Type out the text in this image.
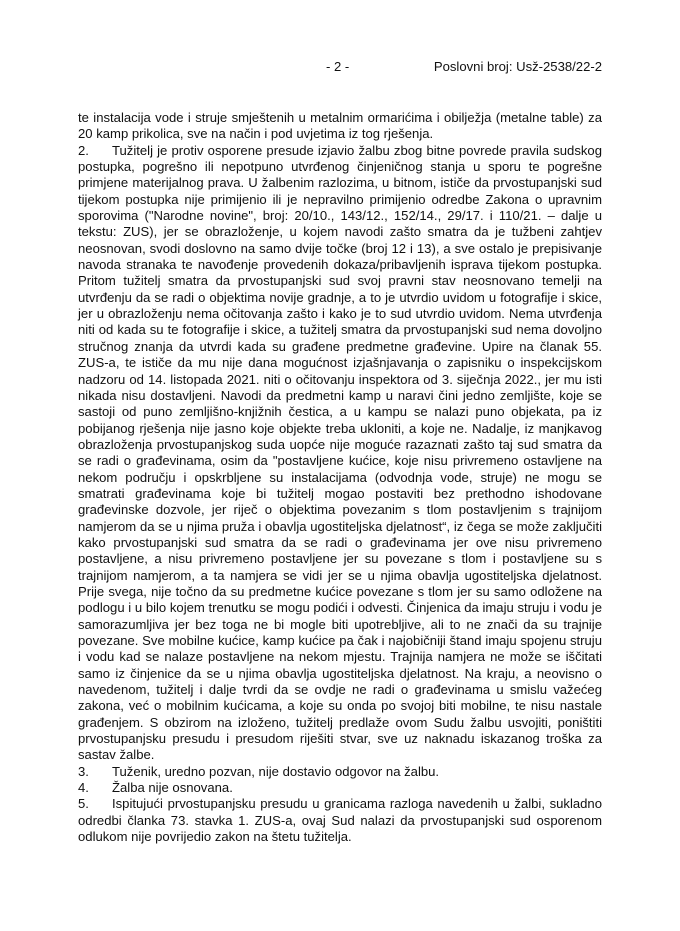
- 2 -	Poslovni broj: Usž-2538/22-2

te instalacija vode i struje smještenih u metalnim ormarićima i obilježja (metalne table) za 20 kamp prikolica, sve na način i pod uvjetima iz tog rješenja.

2. Tužitelj je protiv osporene presude izjavio žalbu zbog bitne povrede pravila sudskog postupka, pogrešno ili nepotpuno utvrđenog činjeničnog stanja u sporu te pogrešne primjene materijalnog prava. U žalbenim razlozima, u bitnom, ističe da prvostupanjski sud tijekom postupka nije primijenio ili je nepravilno primijenio odredbe Zakona o upravnim sporovima ("Narodne novine", broj: 20/10., 143/12., 152/14., 29/17. i 110/21. – dalje u tekstu: ZUS), jer se obrazloženje, u kojem navodi zašto smatra da je tužbeni zahtjev neosnovan, svodi doslovno na samo dvije točke (broj 12 i 13), a sve ostalo je prepisivanje navoda stranaka te navođenje provedenih dokaza/pribavljenih isprava tijekom postupka. Pritom tužitelj smatra da prvostupanjski sud svoj pravni stav neosnovano temelji na utvrđenju da se radi o objektima novije gradnje, a to je utvrdio uvidom u fotografije i skice, jer u obrazloženju nema očitovanja zašto i kako je to sud utvrdio uvidom. Nema utvrđenja niti od kada su te fotografije i skice, a tužitelj smatra da prvostupanjski sud nema dovoljno stručnog znanja da utvrdi kada su građene predmetne građevine. Upire na članak 55. ZUS-a, te ističe da mu nije dana mogućnost izjašnjavanja o zapisniku o inspekcijskom nadzoru od 14. listopada 2021. niti o očitovanju inspektora od 3. siječnja 2022., jer mu isti nikada nisu dostavljeni. Navodi da predmetni kamp u naravi čini jedno zemljište, koje se sastoji od puno zemljišno-knjižnih čestica, a u kampu se nalazi puno objekata, pa iz pobijanog rješenja nije jasno koje objekte treba ukloniti, a koje ne. Nadalje, iz manjkavog obrazloženja prvostupanjskog suda uopće nije moguće razaznati zašto taj sud smatra da se radi o građevinama, osim da "postavljene kućice, koje nisu privremeno ostavljene na nekom području i opskrbljene su instalacijama (odvodnja vode, struje) ne mogu se smatrati građevinama koje bi tužitelj mogao postaviti bez prethodno ishodovane građevinske dozvole, jer riječ o objektima povezanim s tlom postavljenim s trajnijom namjerom da se u njima pruža i obavlja ugostiteljska djelatnost“, iz čega se može zaključiti kako prvostupanjski sud smatra da se radi o građevinama jer ove nisu privremeno postavljene, a nisu privremeno postavljene jer su povezane s tlom i postavljene su s trajnijom namjerom, a ta namjera se vidi jer se u njima obavlja ugostiteljska djelatnost. Prije svega, nije točno da su predmetne kućice povezane s tlom jer su samo odložene na podlogu i u bilo kojem trenutku se mogu podići i odvesti. Činjenica da imaju struju i vodu je samorazumljiva jer bez toga ne bi mogle biti upotrebljive, ali to ne znači da su trajnije povezane. Sve mobilne kućice, kamp kućice pa čak i najobičniji štand imaju spojenu struju i vodu kad se nalaze postavljene na nekom mjestu. Trajnija namjera ne može se iščitati samo iz činjenice da se u njima obavlja ugostiteljska djelatnost. Na kraju, a neovisno o navedenom, tužitelj i dalje tvrdi da se ovdje ne radi o građevinama u smislu važećeg zakona, već o mobilnim kućicama, a koje su onda po svojoj biti mobilne, te nisu nastale građenjem. S obzirom na izloženo, tužitelj predlaže ovom Sudu žalbu usvojiti, poništiti prvostupanjsku presudu i presudom riješiti stvar, sve uz naknadu iskazanog troška za sastav žalbe.

3. Tuženik, uredno pozvan, nije dostavio odgovor na žalbu.

4. Žalba nije osnovana.

5. Ispitujući prvostupanjsku presudu u granicama razloga navedenih u žalbi, sukladno odredbi članka 73. stavka 1. ZUS-a, ovaj Sud nalazi da prvostupanjski sud osporenom odlukom nije povrijedio zakon na štetu tužitelja.
